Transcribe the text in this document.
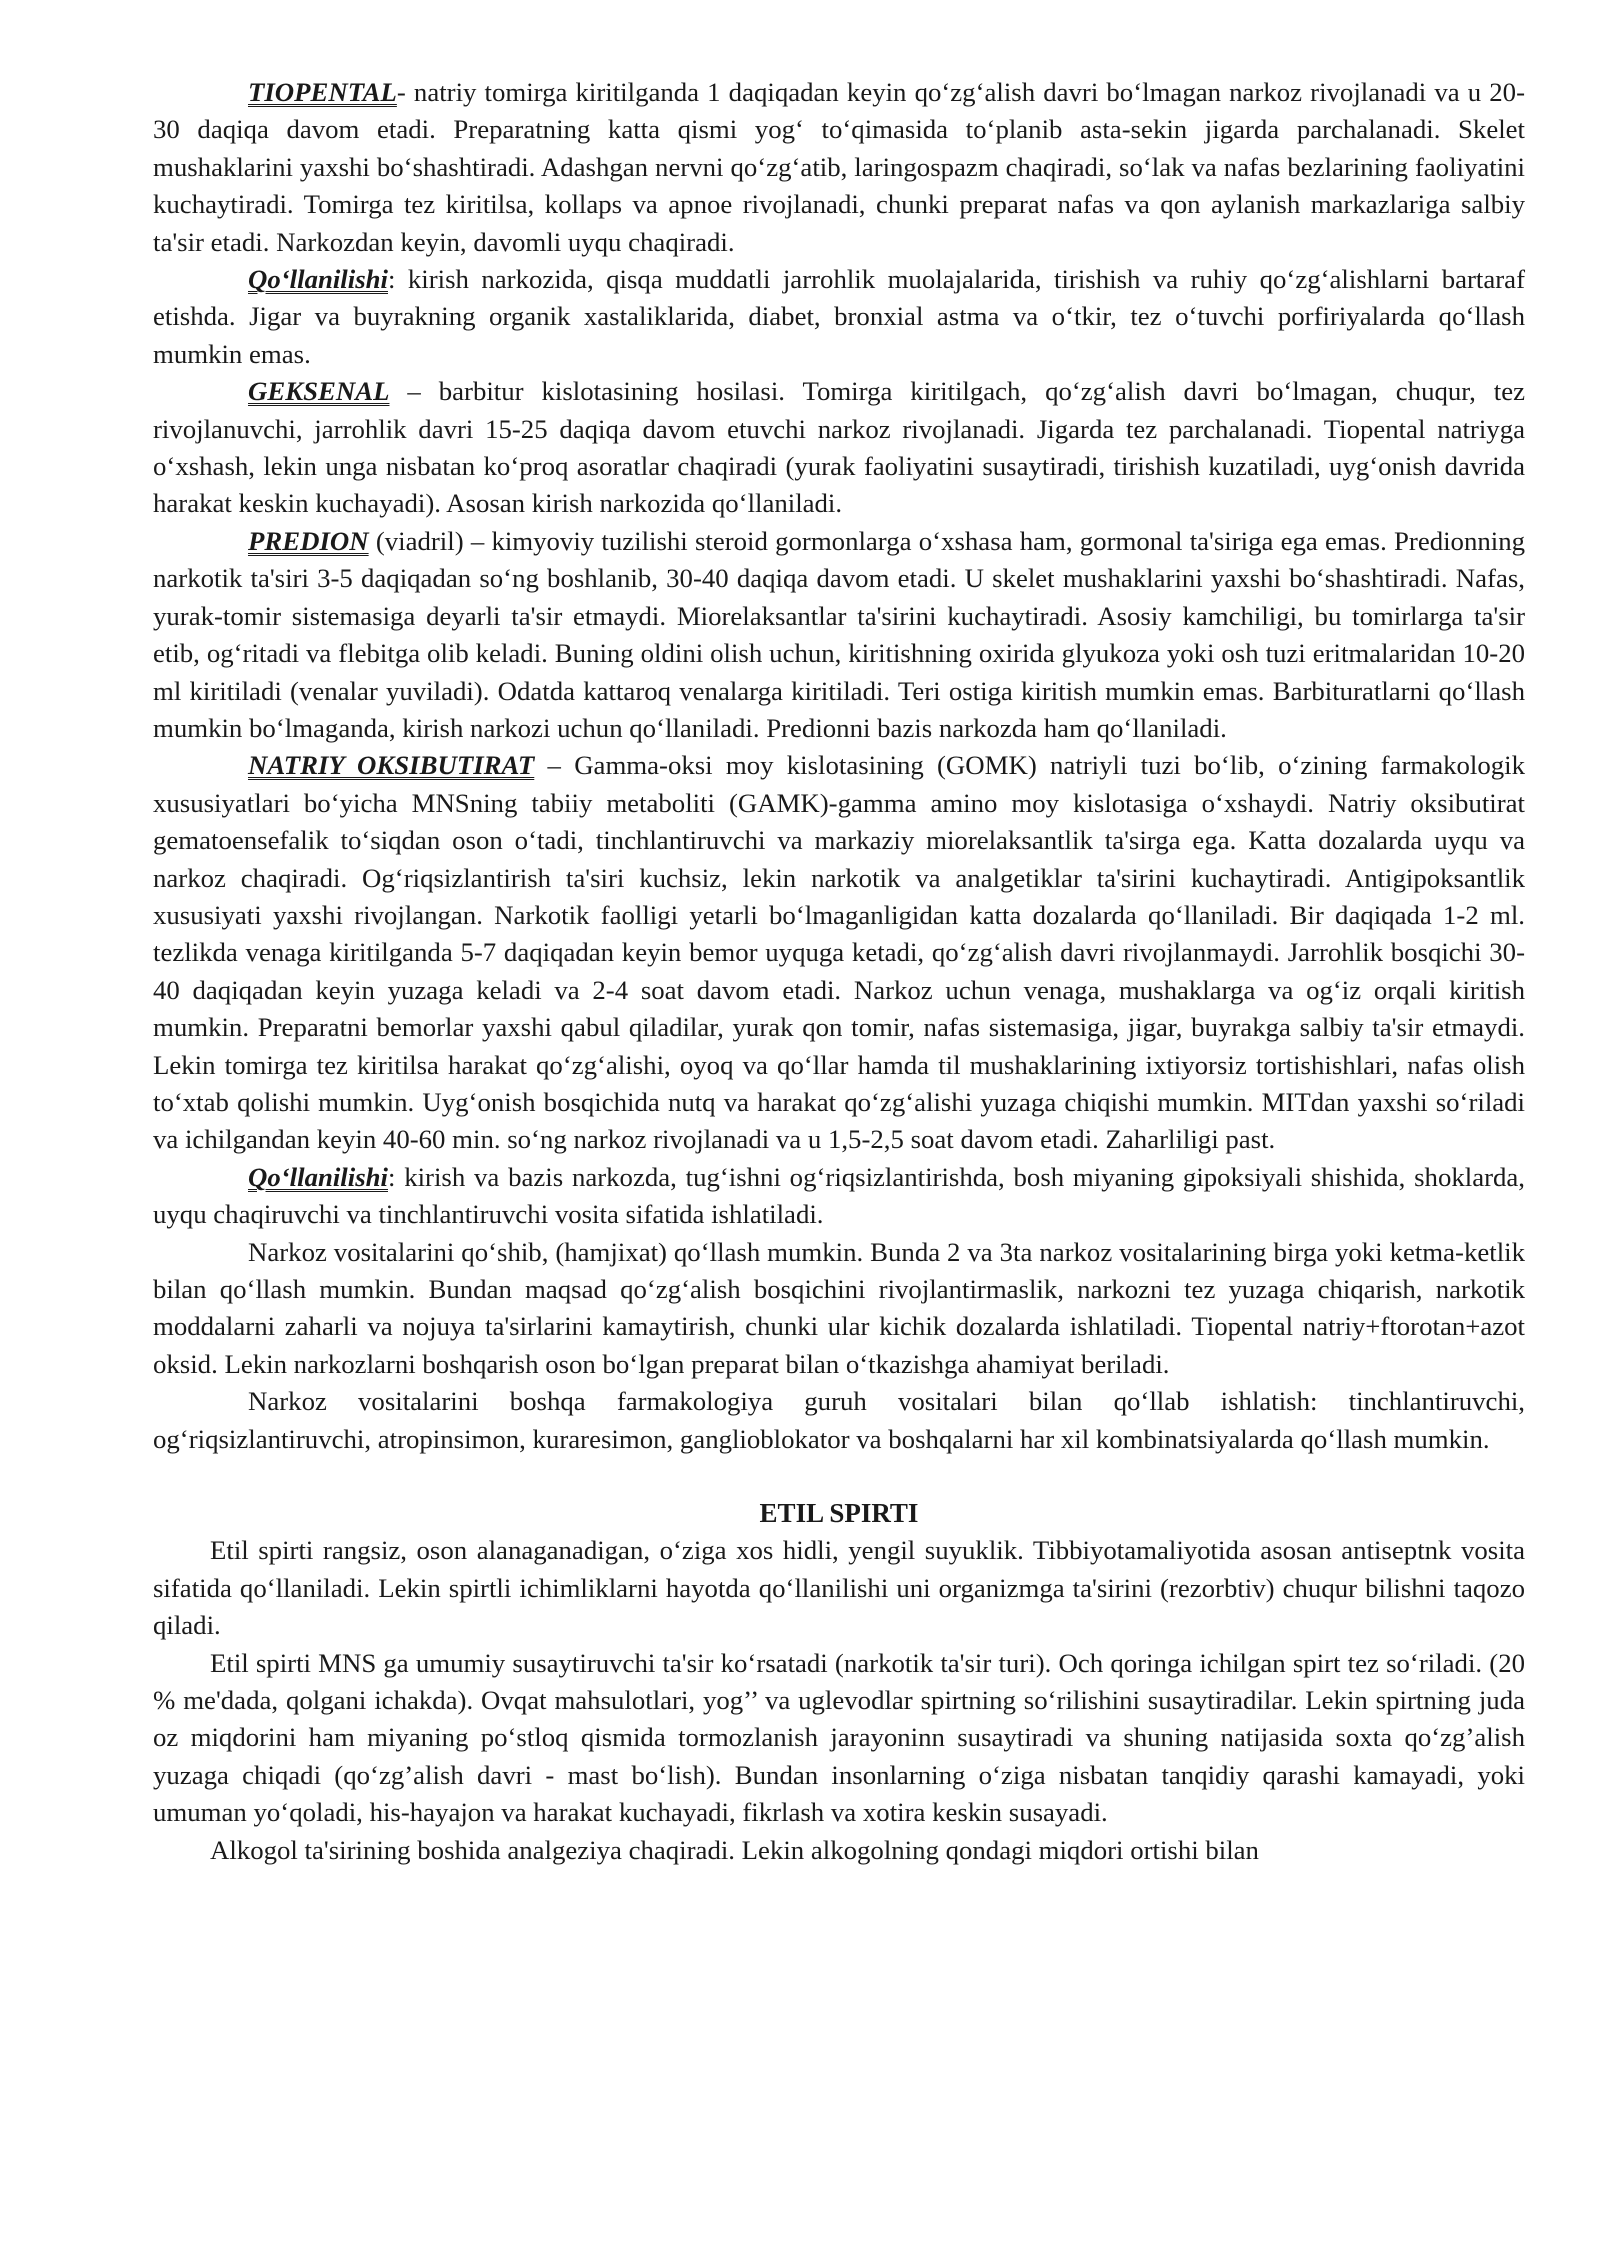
TIOPENTAL- natriy tomirga kiritilganda 1 daqiqadan keyin qo‘zg‘alish davri bo‘lmagan narkoz rivojlanadi va u 20-30 daqiqa davom etadi. Preparatning katta qismi yog‘ to‘qimasida to‘planib asta-sekin jigarda parchalanadi. Skelet mushaklarini yaxshi bo‘shashtiradi. Adashgan nervni qo‘zg‘atib, laringospazm chaqiradi, so‘lak va nafas bezlarining faoliyatini kuchaytiradi. Tomirga tez kiritilsa, kollaps va apnoe rivojlanadi, chunki preparat nafas va qon aylanish markazlariga salbiy ta'sir etadi. Narkozdan keyin, davomli uyqu chaqiradi.

Qo‘llanilishi: kirish narkozida, qisqa muddatli jarrohlik muolajalarida, tirishish va ruhiy qo‘zg‘alishlarni bartaraf etishda. Jigar va buyrakning organik xastaliklarida, diabet, bronxial astma va o‘tkir, tez o‘tuvchi porfiriyalarda qo‘llash mumkin emas.

GEKSENAL – barbitur kislotasining hosilasi. Tomirga kiritilgach, qo‘zg‘alish davri bo‘lmagan, chuqur, tez rivojlanuvchi, jarrohlik davri 15-25 daqiqa davom etuvchi narkoz rivojlanadi. Jigarda tez parchalanadi. Tiopental natriyga o‘xshash, lekin unga nisbatan ko‘proq asoratlar chaqiradi (yurak faoliyatini susaytiradi, tirishish kuzatiladi, uyg‘onish davrida harakat keskin kuchayadi). Asosan kirish narkozida qo‘llaniladi.

PREDION (viadril) – kimyoviy tuzilishi steroid gormonlarga o‘xshasa ham, gormonal ta'siriga ega emas. Predionning narkotik ta'siri 3-5 daqiqadan so‘ng boshlanib, 30-40 daqiqa davom etadi. U skelet mushaklarini yaxshi bo‘shashtiradi. Nafas, yurak-tomir sistemasiga deyarli ta'sir etmaydi. Miorelaksantlar ta'sirini kuchaytiradi. Asosiy kamchiligi, bu tomirlarga ta'sir etib, og‘ritadi va flebitga olib keladi. Buning oldini olish uchun, kiritishning oxirida glyukoza yoki osh tuzi eritmalaridan 10-20 ml kiritiladi (venalar yuviladi). Odatda kattaroq venalarga kiritiladi. Teri ostiga kiritish mumkin emas. Barbituratlarni qo‘llash mumkin bo‘lmaganda, kirish narkozi uchun qo‘llaniladi. Predionni bazis narkozda ham qo‘llaniladi.

NATRIY OKSIBUTIRAT – Gamma-oksi moy kislotasining (GOMK) natriyli tuzi bo‘lib, o‘zining farmakologik xususiyatlari bo‘yicha MNSning tabiiy metaboliti (GAMK)-gamma amino moy kislotasiga o‘xshaydi. Natriy oksibutirat gematoensefalik to‘siqdan oson o‘tadi, tinchlantiruvchi va markaziy miorelaksantlik ta'sirga ega. Katta dozalarda uyqu va narkoz chaqiradi. Og‘riqsizlantirish ta'siri kuchsiz, lekin narkotik va analgetiklar ta'sirini kuchaytiradi. Antigipoksantlik xususiyati yaxshi rivojlangan. Narkotik faolligi yetarli bo‘lmaganligidan katta dozalarda qo‘llaniladi. Bir daqiqada 1-2 ml. tezlikda venaga kiritilganda 5-7 daqiqadan keyin bemor uyquga ketadi, qo‘zg‘alish davri rivojlanmaydi. Jarrohlik bosqichi 30-40 daqiqadan keyin yuzaga keladi va 2-4 soat davom etadi. Narkoz uchun venaga, mushaklarga va og‘iz orqali kiritish mumkin. Preparatni bemorlar yaxshi qabul qiladilar, yurak qon tomir, nafas sistemasiga, jigar, buyrakga salbiy ta'sir etmaydi. Lekin tomirga tez kiritilsa harakat qo‘zg‘alishi, oyoq va qo‘llar hamda til mushaklarining ixtiyorsiz tortishishlari, nafas olish to‘xtab qolishi mumkin. Uyg‘onish bosqichida nutq va harakat qo‘zg‘alishi yuzaga chiqishi mumkin. MITdan yaxshi so‘riladi va ichilgandan keyin 40-60 min. so‘ng narkoz rivojlanadi va u 1,5-2,5 soat davom etadi. Zaharliligi past.

Qo‘llanilishi: kirish va bazis narkozda, tug‘ishni og‘riqsizlantirishda, bosh miyaning gipoksiyali shishida, shoklarda, uyqu chaqiruvchi va tinchlantiruvchi vosita sifatida ishlatiladi.

Narkoz vositalarini qo‘shib, (hamjixat) qo‘llash mumkin. Bunda 2 va 3ta narkoz vositalarining birga yoki ketma-ketlik bilan qo‘llash mumkin. Bundan maqsad qo‘zg‘alish bosqichini rivojlantirmaslik, narkozni tez yuzaga chiqarish, narkotik moddalarni zaharli va nojuya ta'sirlarini kamaytirish, chunki ular kichik dozalarda ishlatiladi. Tiopental natriy+ftorotan+azot oksid. Lekin narkozlarni boshqarish oson bo‘lgan preparat bilan o‘tkazishga ahamiyat beriladi.

Narkoz vositalarini boshqa farmakologiya guruh vositalari bilan qo‘llab ishlatish: tinchlantiruvchi, og‘riqsizlantiruvchi, atropinsimon, kuraresimon, ganglioblokator va boshqalarni har xil kombinatsiyalarda qo‘llash mumkin.

ETIL SPIRTI

Etil spirti rangsiz, oson alanaganadigan, o‘ziga xos hidli, yengil suyuklik. Tibbiyotamaliyotida asosan antiseptnk vosita sifatida qo‘llaniladi. Lekin spirtli ichimliklarni hayotda qo‘llanilishi uni organizmga ta'sirini (rezorbtiv) chuqur bilishni taqozo qiladi.

Etil spirti MNS ga umumiy susaytiruvchi ta'sir ko‘rsatadi (narkotik ta'sir turi). Och qoringa ichilgan spirt tez so‘riladi. (20 % me'dada, qolgani ichakda). Ovqat mahsulotlari, yog’’ va uglevodlar spirtning so‘rilishini susaytiradilar. Lekin spirtning juda oz miqdorini ham miyaning po‘stloq qismida tormozlanish jarayoninn susaytiradi va shuning natijasida soxta qo‘zg’alish yuzaga chiqadi (qo‘zg’alish davri - mast bo‘lish). Bundan insonlarning o‘ziga nisbatan tanqidiy qarashi kamayadi, yoki umuman yo‘qoladi, his-hayajon va harakat kuchayadi, fikrlash va xotira keskin susayadi.

Alkogol ta'sirining boshida analgeziya chaqiradi. Lekin alkogolning qondagi miqdori ortishi bilan
